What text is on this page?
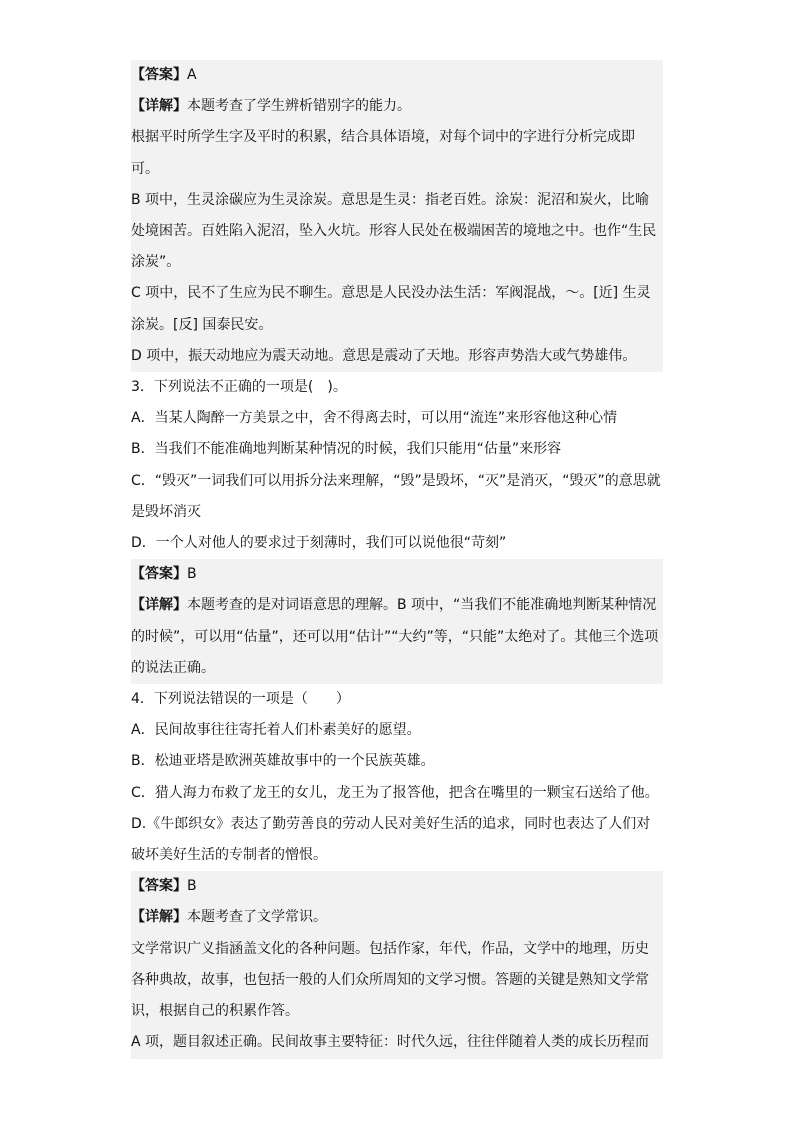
【答案】A
【详解】本题考查了学生辨析错别字的能力。
根据平时所学生字及平时的积累，结合具体语境，对每个词中的字进行分析完成即
可。
B 项中，生灵涂碳应为生灵涂炭。意思是生灵：指老百姓。涂炭：泥沼和炭火，比喻
处境困苦。百姓陷入泥沼，坠入火坑。形容人民处在极端困苦的境地之中。也作“生民
涂炭”。
C 项中，民不了生应为民不聊生。意思是人民没办法生活：军阀混战，～。[近] 生灵
涂炭。[反] 国泰民安。
D 项中，振天动地应为震天动地。意思是震动了天地。形容声势浩大或气势雄伟。
3．下列说法不正确的一项是(　)。
A．当某人陶醉一方美景之中，舍不得离去时，可以用“流连”来形容他这种心情
B．当我们不能准确地判断某种情况的时候，我们只能用“估量”来形容
C．“毁灭”一词我们可以用拆分法来理解，“毁”是毁坏，“灭”是消灭，“毁灭”的意思就
是毁坏消灭
D．一个人对他人的要求过于刻薄时，我们可以说他很“苛刻”
【答案】B
【详解】本题考查的是对词语意思的理解。B 项中，“当我们不能准确地判断某种情况
的时候”，可以用“估量”，还可以用“估计”“大约”等，“只能”太绝对了。其他三个选项
的说法正确。
4．下列说法错误的一项是（　　）
A．民间故事往往寄托着人们朴素美好的愿望。
B．松迪亚塔是欧洲英雄故事中的一个民族英雄。
C．猎人海力布救了龙王的女儿，龙王为了报答他，把含在嘴里的一颗宝石送给了他。
D.《牛郎织女》表达了勤劳善良的劳动人民对美好生活的追求，同时也表达了人们对
破坏美好生活的专制者的憎恨。
【答案】B
【详解】本题考查了文学常识。
文学常识广义指涵盖文化的各种问题。包括作家，年代，作品，文学中的地理，历史
各种典故，故事，也包括一般的人们众所周知的文学习惯。答题的关键是熟知文学常
识，根据自己的积累作答。
A 项，题目叙述正确。民间故事主要特征：时代久远，往往伴随着人类的成长历程而
